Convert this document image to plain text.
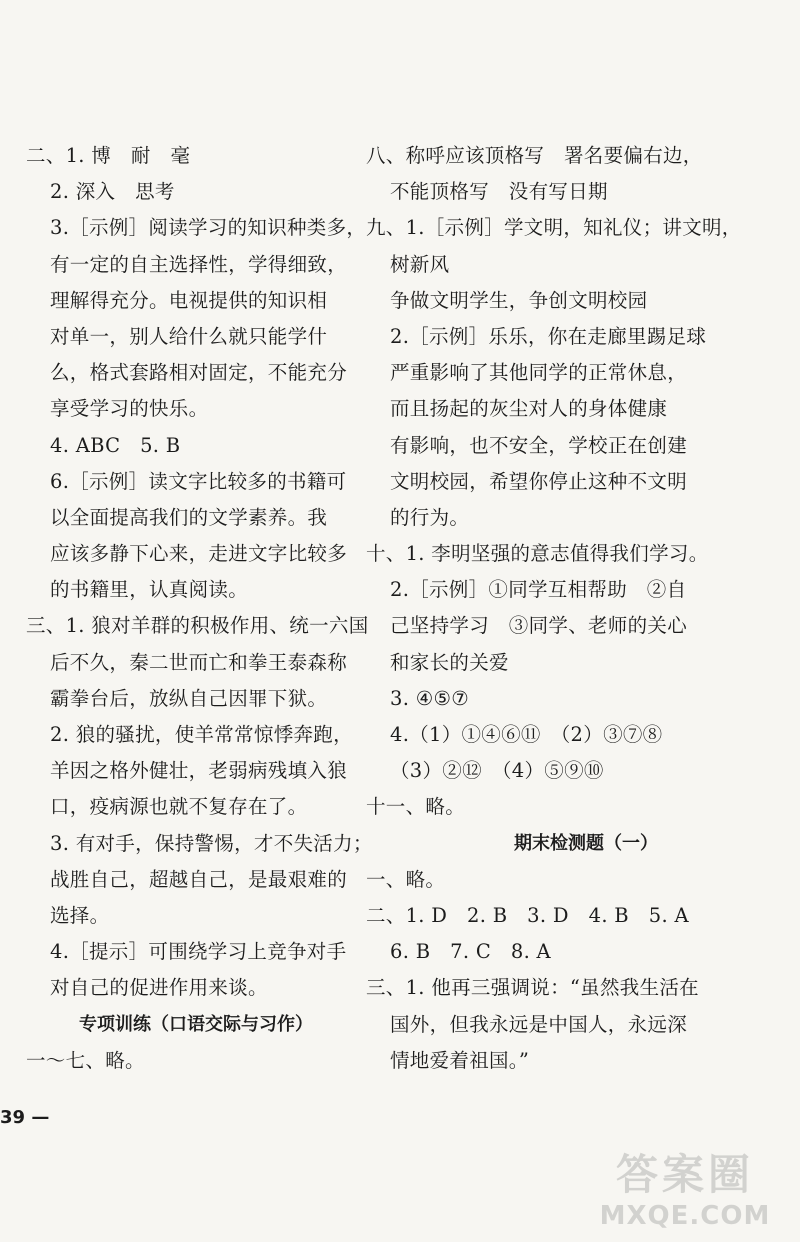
二、1. 博　耐　毫
2. 深入　思考
3.［示例］阅读学习的知识种类多，
有一定的自主选择性，学得细致，
理解得充分。电视提供的知识相
对单一，别人给什么就只能学什
么，格式套路相对固定，不能充分
享受学习的快乐。
4. ABC　5. B
6.［示例］读文字比较多的书籍可
以全面提高我们的文学素养。我
应该多静下心来，走进文字比较多
的书籍里，认真阅读。
三、1. 狼对羊群的积极作用、统一六国
后不久，秦二世而亡和拳王泰森称
霸拳台后，放纵自己因罪下狱。
2. 狼的骚扰，使羊常常惊悸奔跑，
羊因之格外健壮，老弱病残填入狼
口，疫病源也就不复存在了。
3. 有对手，保持警惕，才不失活力；
战胜自己，超越自己，是最艰难的
选择。
4.［提示］可围绕学习上竞争对手
对自己的促进作用来谈。
专项训练（口语交际与习作）
一～七、略。
八、称呼应该顶格写　署名要偏右边，
不能顶格写　没有写日期
九、1.［示例］学文明，知礼仪；讲文明，
树新风
争做文明学生，争创文明校园
2.［示例］乐乐，你在走廊里踢足球
严重影响了其他同学的正常休息，
而且扬起的灰尘对人的身体健康
有影响，也不安全，学校正在创建
文明校园，希望你停止这种不文明
的行为。
十、1. 李明坚强的意志值得我们学习。
2.［示例］①同学互相帮助　②自
己坚持学习　③同学、老师的关心
和家长的关爱
3. ④⑤⑦
4.（1）①④⑥⑪　（2）③⑦⑧
（3）②⑫　（4）⑤⑨⑩
十一、略。
期末检测题（一）
一、略。
二、1. D　2. B　3. D　4. B　5. A
6. B　7. C　8. A
三、1. 他再三强调说：“虽然我生活在
国外，但我永远是中国人，永远深
情地爱着祖国。”
39 —
答案圈
MXQE.COM
